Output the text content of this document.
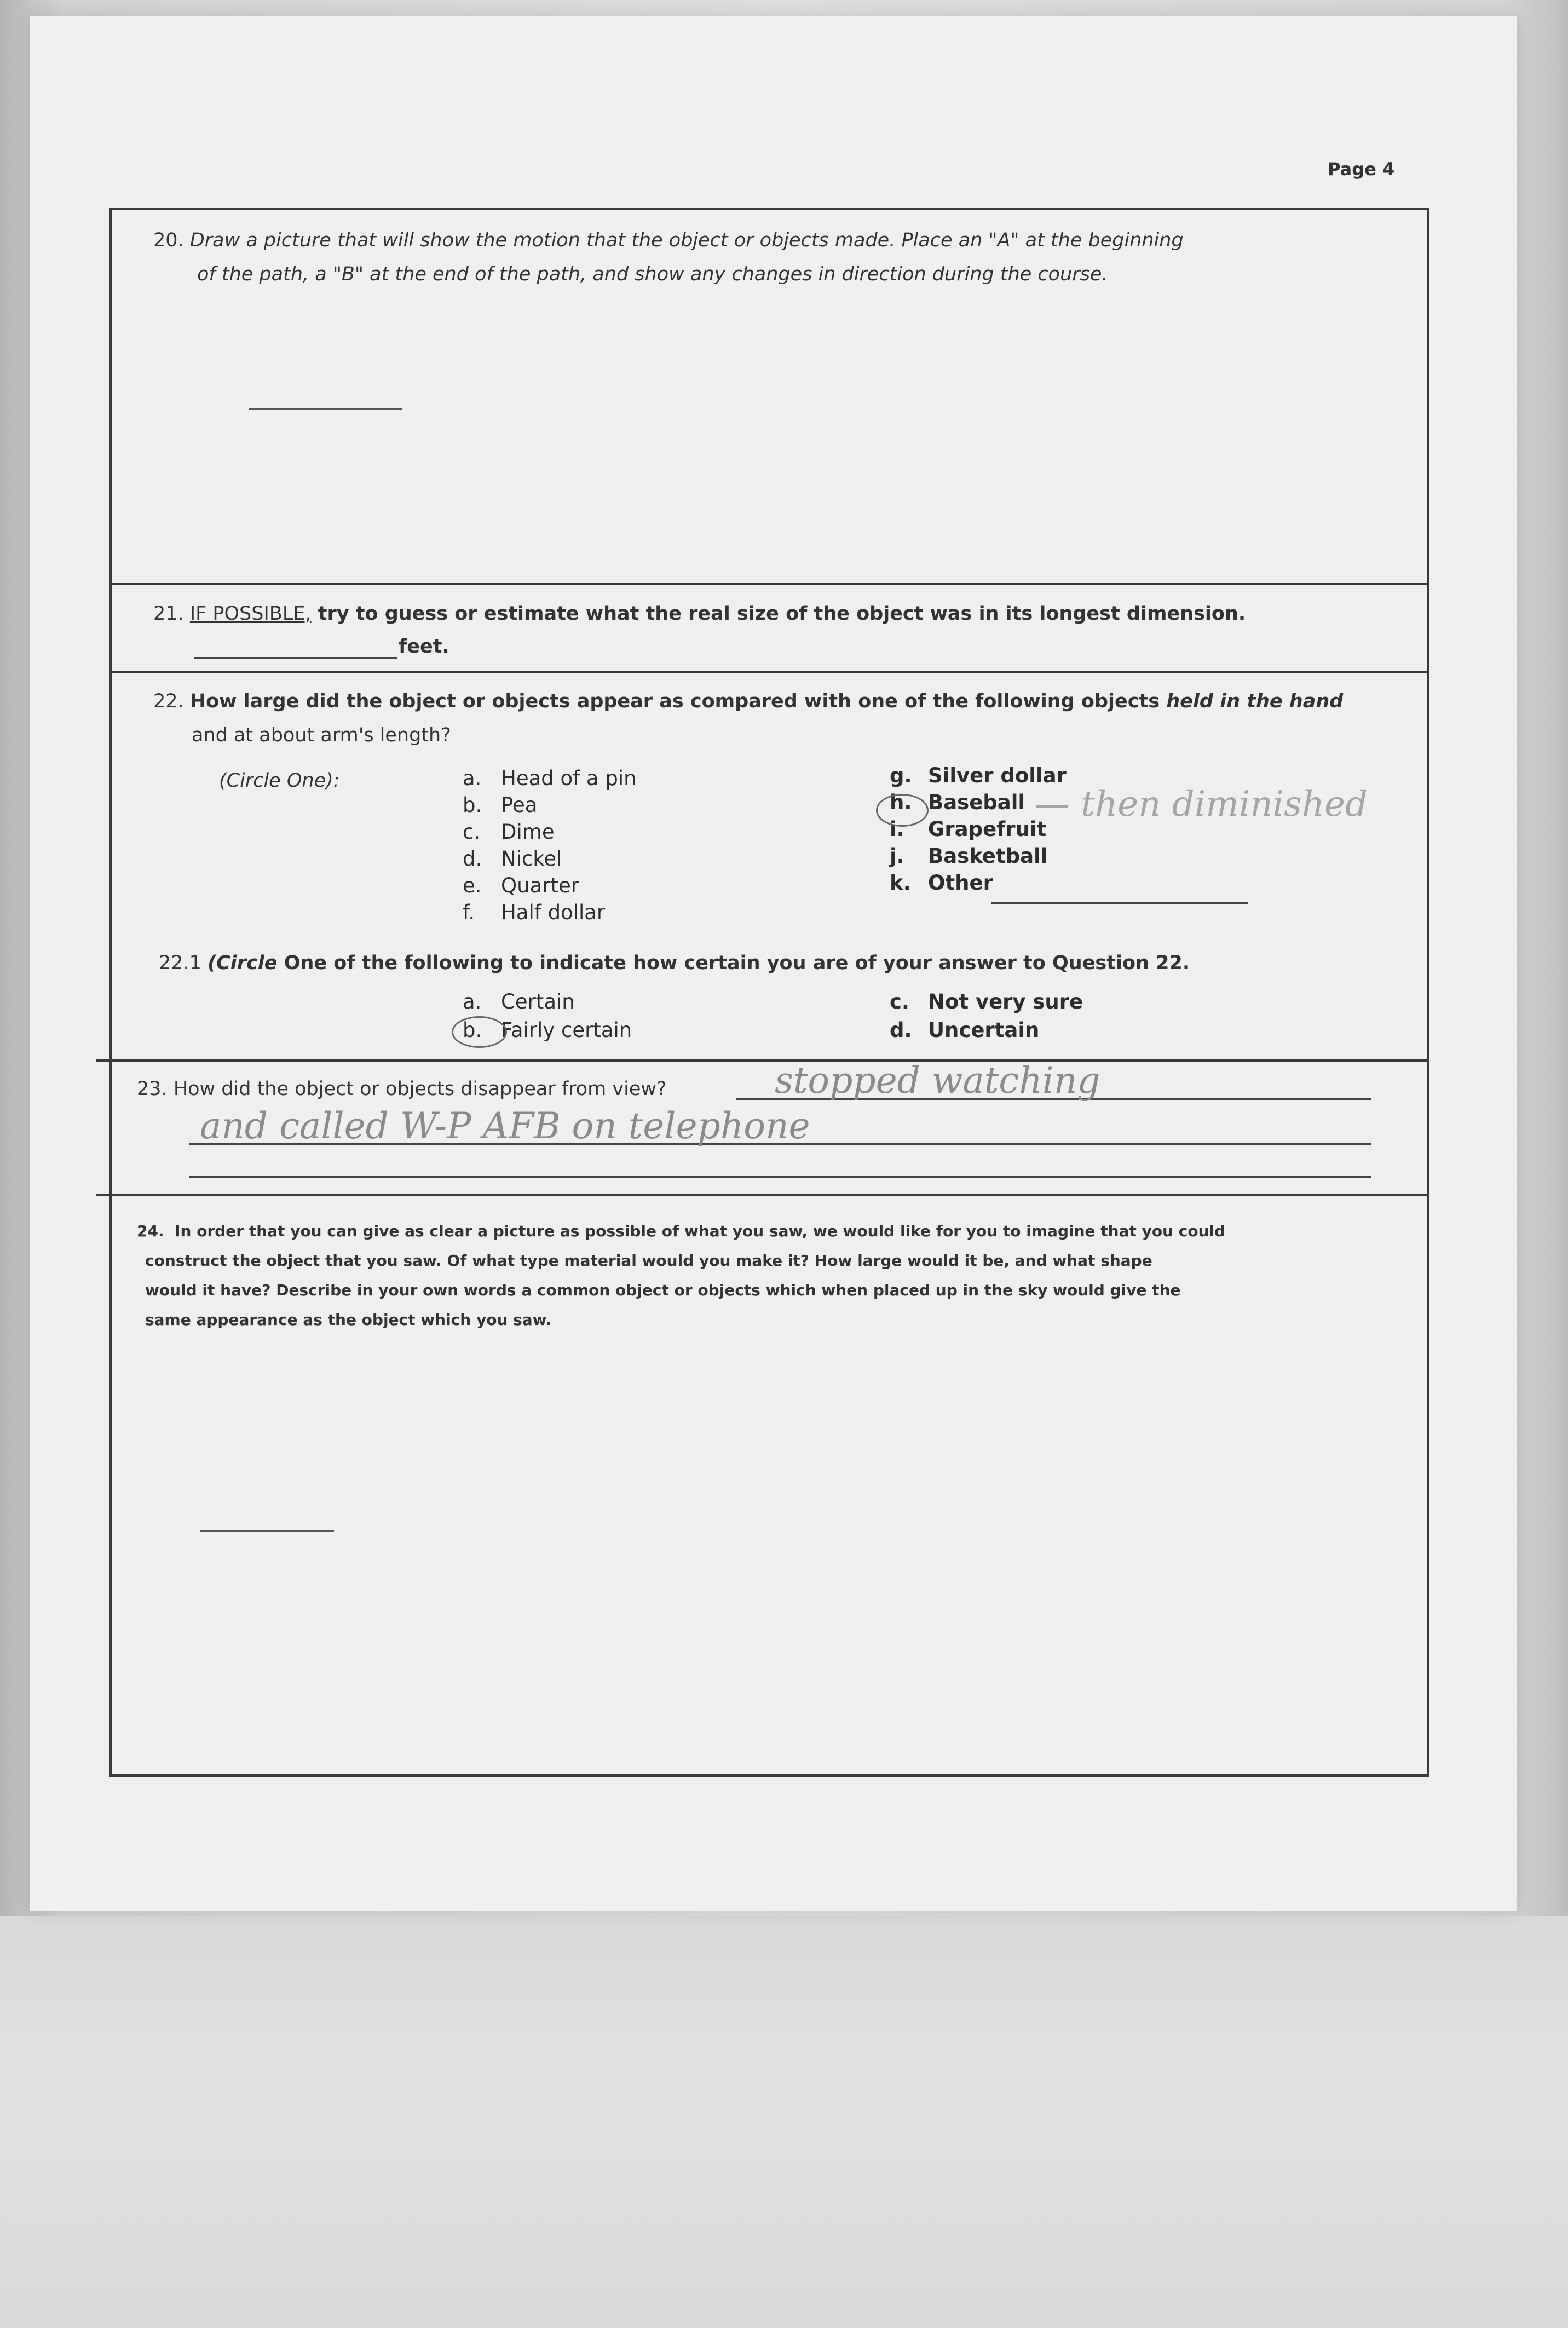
Page 4
20. Draw a picture that will show the motion that the object or objects made. Place an "A" at the beginning
of the path, a "B" at the end of the path, and show any changes in direction during the course.
21. IF POSSIBLE, try to guess or estimate what the real size of the object was in its longest dimension.
feet.
22. How large did the object or objects appear as compared with one of the following objects held in the hand
and at about arm's length?
(Circle One):	a. Head of a pin
b. Pea
c. Dime
d. Nickel
e. Quarter
f. Half dollar
g. Silver dollar
h. Baseball
i. Grapefruit
j. Basketball
k. Other
— then diminished
22.1 (Circle One of the following to indicate how certain you are of your answer to Question 22.
a. Certain
b. Fairly certain
c. Not very sure
d. Uncertain
23. How did the object or objects disappear from view?	stopped watching
and called W-P AFB on telephone
24. In order that you can give as clear a picture as possible of what you saw, we would like for you to imagine that you could
construct the object that you saw. Of what type material would you make it? How large would it be, and what shape
would it have? Describe in your own words a common object or objects which when placed up in the sky would give the
same appearance as the object which you saw.
